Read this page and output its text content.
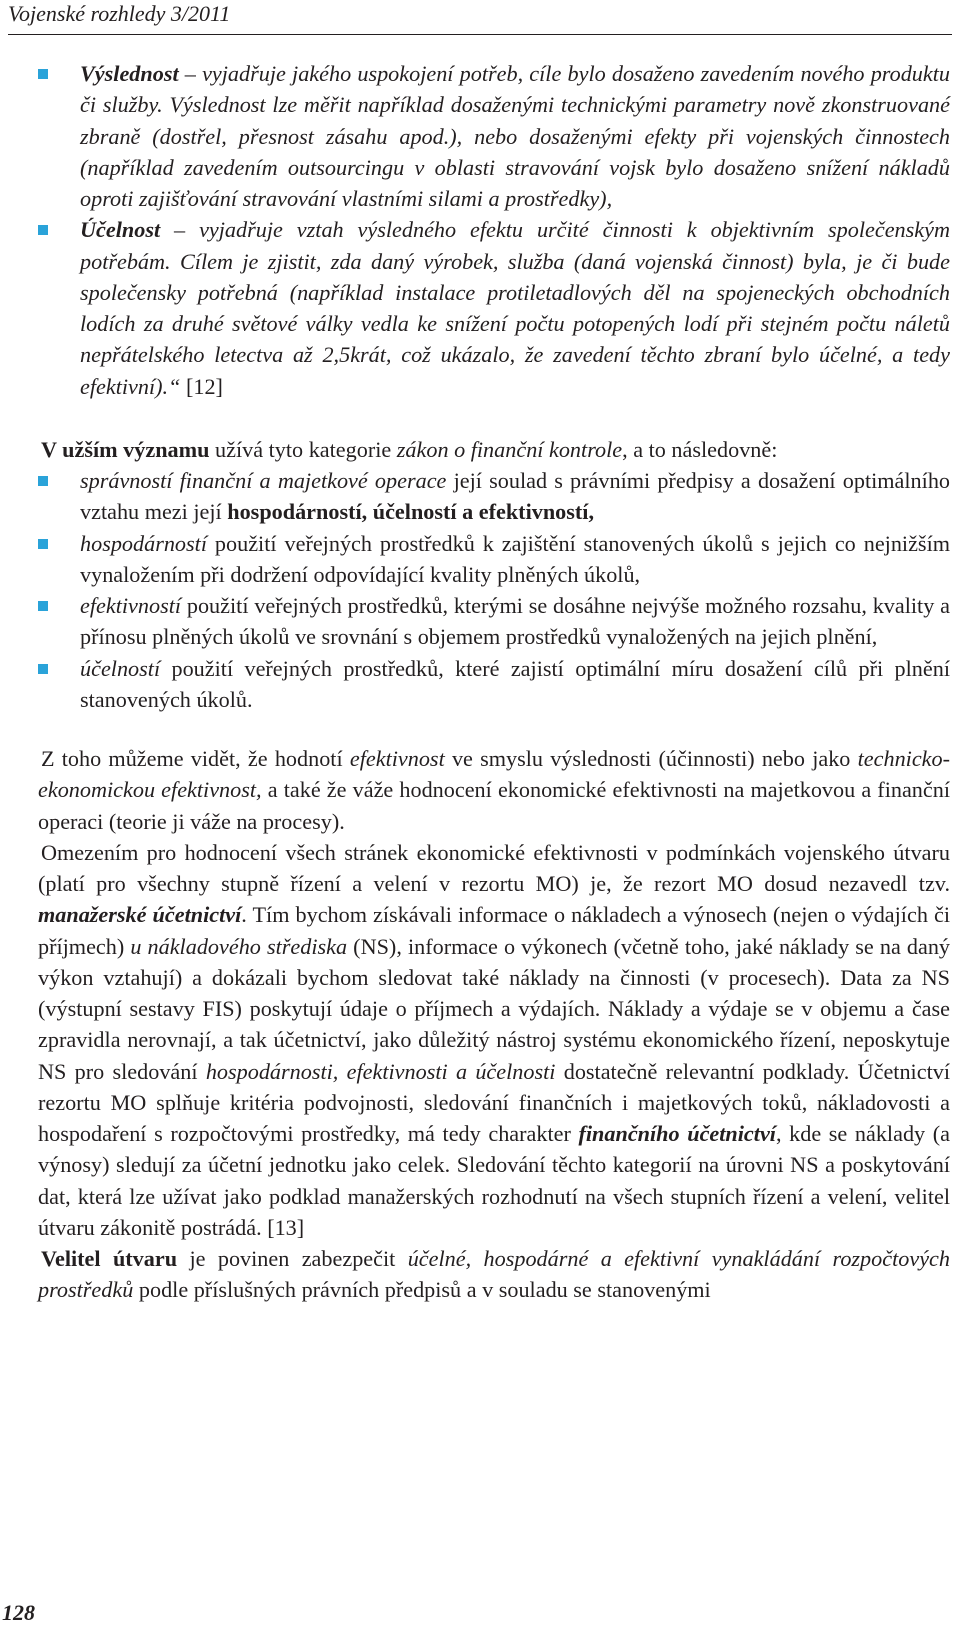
Vojenské rozhledy 3/2011
Výslednost – vyjadřuje jakého uspokojení potřeb, cíle bylo dosaženo zavedením nového produktu či služby. Výslednost lze měřit například dosaženými technickými parametry nově zkonstruované zbraně (dostřel, přesnost zásahu apod.), nebo dosaženými efekty při vojenských činnostech (například zavedením outsourcingu v oblasti stravování vojsk bylo dosaženo snížení nákladů oproti zajišťování stravování vlastními silami a prostředky),
Účelnost – vyjadřuje vztah výsledného efektu určité činnosti k objektivním společenským potřebám. Cílem je zjistit, zda daný výrobek, služba (daná vojenská činnost) byla, je či bude společensky potřebná (například instalace protiletadlových děl na spojeneckých obchodních lodích za druhé světové války vedla ke snížení počtu potopených lodí při stejném počtu náletů nepřátelského letectva až 2,5krát, což ukázalo, že zavedení těchto zbraní bylo účelné, a tedy efektivní).“ [12]

V užším významu užívá tyto kategorie zákon o finanční kontrole, a to následovně:

správností finanční a majetkové operace její soulad s právními předpisy a dosažení optimálního vztahu mezi její hospodárností, účelností a efektivností,
hospodárností použití veřejných prostředků k zajištění stanovených úkolů s jejich co nejnižším vynaložením při dodržení odpovídající kvality plněných úkolů,
efektivností použití veřejných prostředků, kterými se dosáhne nejvýše možného rozsahu, kvality a přínosu plněných úkolů ve srovnání s objemem prostředků vynaložených na jejich plnění,
účelností použití veřejných prostředků, které zajistí optimální míru dosažení cílů při plnění stanovených úkolů.

Z toho můžeme vidět, že hodnotí efektivnost ve smyslu výslednosti (účinnosti) nebo jako technicko-ekonomickou efektivnost, a také že váže hodnocení ekonomické efektivnosti na majetkovou a finanční operaci (teorie ji váže na procesy).

Omezením pro hodnocení všech stránek ekonomické efektivnosti v podmínkách vojenského útvaru (platí pro všechny stupně řízení a velení v rezortu MO) je, že rezort MO dosud nezavedl tzv. manažerské účetnictví. Tím bychom získávali informace o nákladech a výnosech (nejen o výdajích či příjmech) u nákladového střediska (NS), informace o výkonech (včetně toho, jaké náklady se na daný výkon vztahují) a dokázali bychom sledovat také náklady na činnosti (v procesech). Data za NS (výstupní sestavy FIS) poskytují údaje o příjmech a výdajích. Náklady a výdaje se v objemu a čase zpravidla nerovnají, a tak účetnictví, jako důležitý nástroj systému ekonomického řízení, neposkytuje NS pro sledování hospodárnosti, efektivnosti a účelnosti dostatečně relevantní podklady. Účetnictví rezortu MO splňuje kritéria podvojnosti, sledování finančních i majetkových toků, nákladovosti a hospodaření s rozpočtovými prostředky, má tedy charakter finančního účetnictví, kde se náklady (a výnosy) sledují za účetní jednotku jako celek. Sledování těchto kategorií na úrovni NS a poskytování dat, která lze užívat jako podklad manažerských rozhodnutí na všech stupních řízení a velení, velitel útvaru zákonitě postrádá. [13]

Velitel útvaru je povinen zabezpečit účelné, hospodárné a efektivní vynakládání rozpočtových prostředků podle příslušných právních předpisů a v souladu se stanovenými

128
